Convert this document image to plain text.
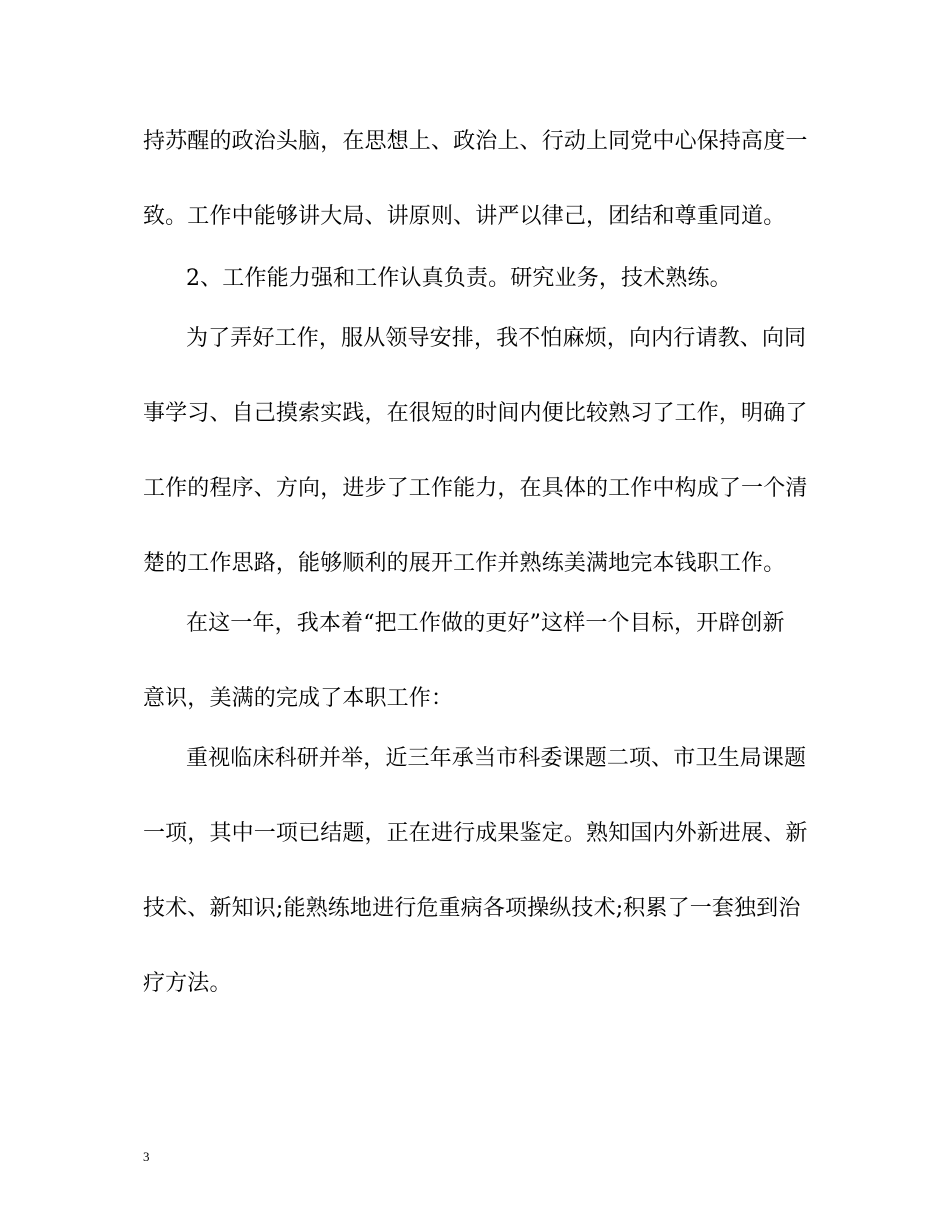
持苏醒的政治头脑，在思想上、政治上、行动上同党中心保持高度一
致。工作中能够讲大局、讲原则、讲严以律己，团结和尊重同道。
2、工作能力强和工作认真负责。研究业务，技术熟练。
为了弄好工作，服从领导安排，我不怕麻烦，向内行请教、向同
事学习、自己摸索实践，在很短的时间内便比较熟习了工作，明确了
工作的程序、方向，进步了工作能力，在具体的工作中构成了一个清
楚的工作思路，能够顺利的展开工作并熟练美满地完本钱职工作。
在这一年，我本着“把工作做的更好”这样一个目标，开辟创新
意识，美满的完成了本职工作：
重视临床科研并举，近三年承当市科委课题二项、市卫生局课题
一项，其中一项已结题，正在进行成果鉴定。熟知国内外新进展、新
技术、新知识;能熟练地进行危重病各项操纵技术;积累了一套独到治
疗方法。
3
